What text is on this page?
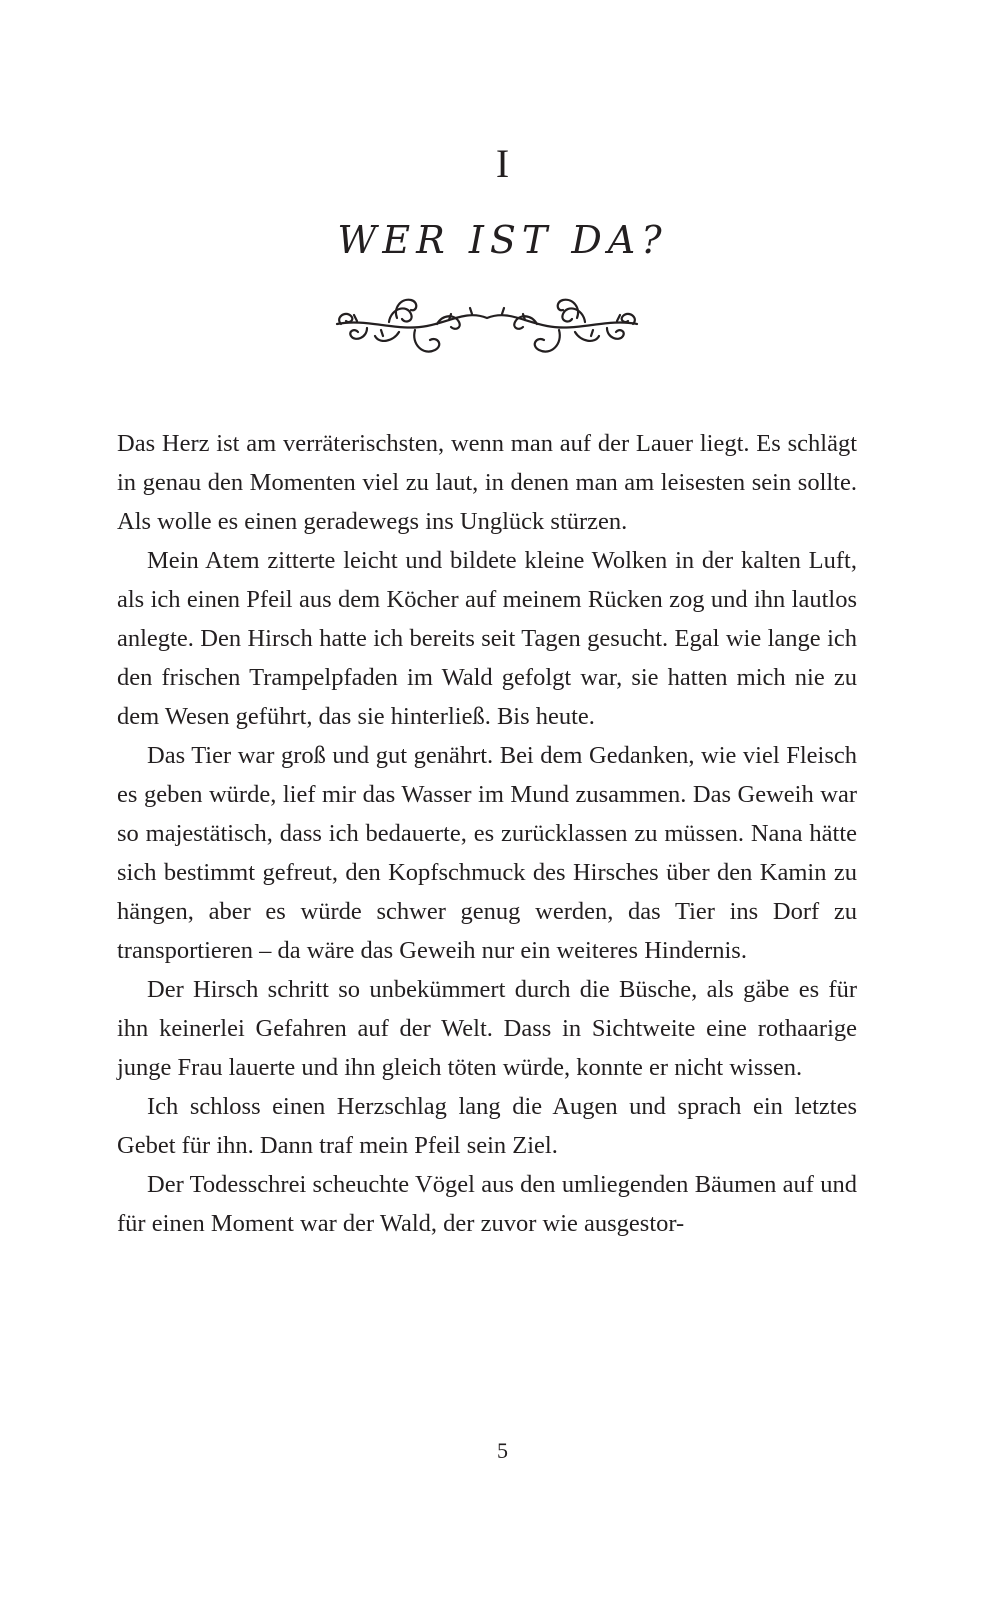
I
WER IST DA?

Das Herz ist am verräterischsten, wenn man auf der Lauer liegt. Es schlägt in genau den Momenten viel zu laut, in denen man am leisesten sein sollte. Als wolle es einen geradewegs ins Unglück stürzen.

Mein Atem zitterte leicht und bildete kleine Wolken in der kalten Luft, als ich einen Pfeil aus dem Köcher auf meinem Rücken zog und ihn lautlos anlegte. Den Hirsch hatte ich bereits seit Tagen gesucht. Egal wie lange ich den frischen Trampelpfaden im Wald gefolgt war, sie hatten mich nie zu dem Wesen geführt, das sie hinterließ. Bis heute.

Das Tier war groß und gut genährt. Bei dem Gedanken, wie viel Fleisch es geben würde, lief mir das Wasser im Mund zusammen. Das Geweih war so majestätisch, dass ich bedauerte, es zurücklassen zu müssen. Nana hätte sich bestimmt gefreut, den Kopfschmuck des Hirsches über den Kamin zu hängen, aber es würde schwer genug werden, das Tier ins Dorf zu transportieren – da wäre das Geweih nur ein weiteres Hindernis.

Der Hirsch schritt so unbekümmert durch die Büsche, als gäbe es für ihn keinerlei Gefahren auf der Welt. Dass in Sichtweite eine rothaarige junge Frau lauerte und ihn gleich töten würde, konnte er nicht wissen.

Ich schloss einen Herzschlag lang die Augen und sprach ein letztes Gebet für ihn. Dann traf mein Pfeil sein Ziel.

Der Todesschrei scheuchte Vögel aus den umliegenden Bäumen auf und für einen Moment war der Wald, der zuvor wie ausgestor-

5
